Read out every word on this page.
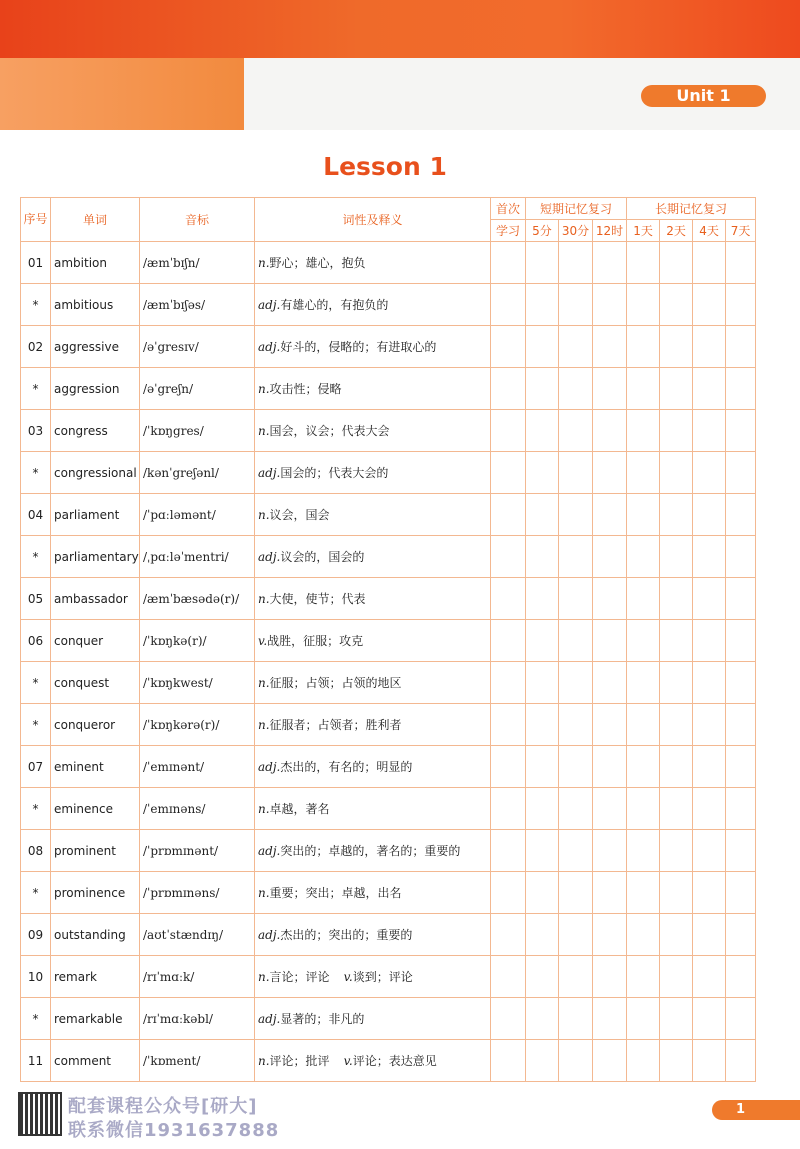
Unit 1
Lesson 1
序号	单词	音标	词性及释义	首次	短期记忆复习			长期记忆复习			
				学习	5分	30分	12时	1天	2天	4天	7天
01	ambition	/æmˈbɪʃn/	n.野心；雄心，抱负								
*	ambitious	/æmˈbɪʃəs/	adj.有雄心的，有抱负的								
02	aggressive	/əˈgresɪv/	adj.好斗的，侵略的；有进取心的								
*	aggression	/əˈgreʃn/	n.攻击性；侵略								
03	congress	/ˈkɒŋgres/	n.国会，议会；代表大会								
*	congressional	/kənˈgreʃənl/	adj.国会的；代表大会的								
04	parliament	/ˈpɑːləmənt/	n.议会，国会								
*	parliamentary	/ˌpɑːləˈmentri/	adj.议会的，国会的								
05	ambassador	/æmˈbæsədə(r)/	n.大使，使节；代表								
06	conquer	/ˈkɒŋkə(r)/	v.战胜，征服；攻克								
*	conquest	/ˈkɒŋkwest/	n.征服；占领；占领的地区								
*	conqueror	/ˈkɒŋkərə(r)/	n.征服者；占领者；胜利者								
07	eminent	/ˈemɪnənt/	adj.杰出的，有名的；明显的								
*	eminence	/ˈemɪnəns/	n.卓越，著名								
08	prominent	/ˈprɒmɪnənt/	adj.突出的；卓越的，著名的；重要的								
*	prominence	/ˈprɒmɪnəns/	n.重要；突出；卓越，出名								
09	outstanding	/aʊtˈstændɪŋ/	adj.杰出的；突出的；重要的								
10	remark	/rɪˈmɑːk/	n.言论；评论 v.谈到；评论								
*	remarkable	/rɪˈmɑːkəbl/	adj.显著的；非凡的								
11	comment	/ˈkɒment/	n.评论；批评 v.评论；表达意见								
配套课程公众号[研大]
联系微信1931637888
1
